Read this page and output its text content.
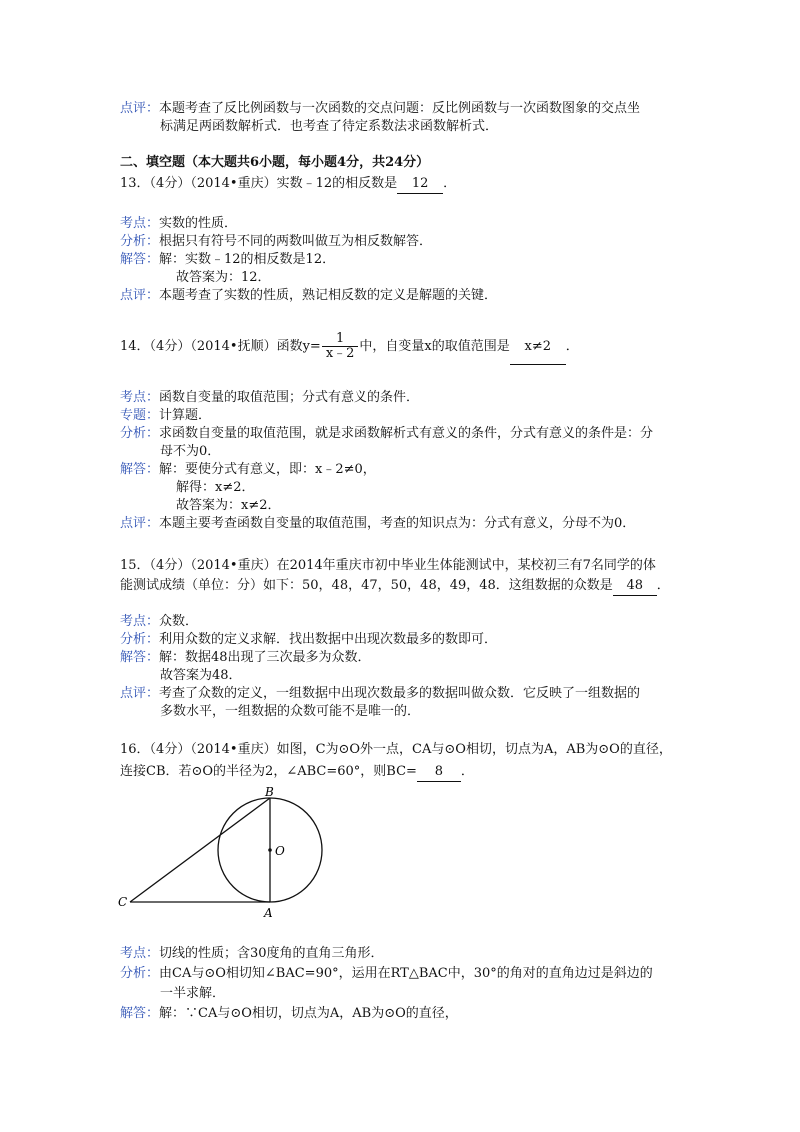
点评：本题考查了反比例函数与一次函数的交点问题：反比例函数与一次函数图象的交点坐
标满足两函数解析式．也考查了待定系数法求函数解析式．
二、填空题（本大题共6小题，每小题4分，共24分）
13．（4分）（2014•重庆）实数﹣12的相反数是 12 ．
考点：实数的性质．
分析：根据只有符号不同的两数叫做互为相反数解答．
解答：解：实数﹣12的相反数是12．
故答案为：12．
点评：本题考查了实数的性质，熟记相反数的定义是解题的关键．
14．（4分）（2014•抚顺）函数$y= \frac{1}{x﹣2}$ 中，自变量x的取值范围是 x≠2 ．
考点：函数自变量的取值范围；分式有意义的条件．
专题：计算题．
分析：求函数自变量的取值范围，就是求函数解析式有意义的条件，分式有意义的条件是：分
母不为0．
解答：解：要使分式有意义，即：x﹣2≠0，
解得：x≠2．
故答案为：x≠2．
点评：本题主要考查函数自变量的取值范围，考查的知识点为：分式有意义，分母不为0．
15．（4分）（2014•重庆）在2014年重庆市初中毕业生体能测试中，某校初三有7名同学的体
能测试成绩（单位：分）如下：50，48，47，50，48，49，48．这组数据的众数是 48 ．
考点：众数．
分析：利用众数的定义求解．找出数据中出现次数最多的数即可．
解答：解：数据48出现了三次最多为众数．
故答案为48．
点评：考查了众数的定义，一组数据中出现次数最多的数据叫做众数．它反映了一组数据的
多数水平，一组数据的众数可能不是唯一的．
16．（4分）（2014•重庆）如图，C为⊙O外一点，CA与⊙O相切，切点为A，AB为⊙O的直径，
连接CB．若⊙O的半径为2，∠ABC=60°，则BC= 8 ．
B
O
C
A
考点：切线的性质；含30度角的直角三角形．
分析：由CA与⊙O相切知∠BAC=90°，运用在RT△BAC中，30°的角对的直角边过是斜边的
一半求解．
解答：解：∵CA与⊙O相切，切点为A，AB为⊙O的直径，
